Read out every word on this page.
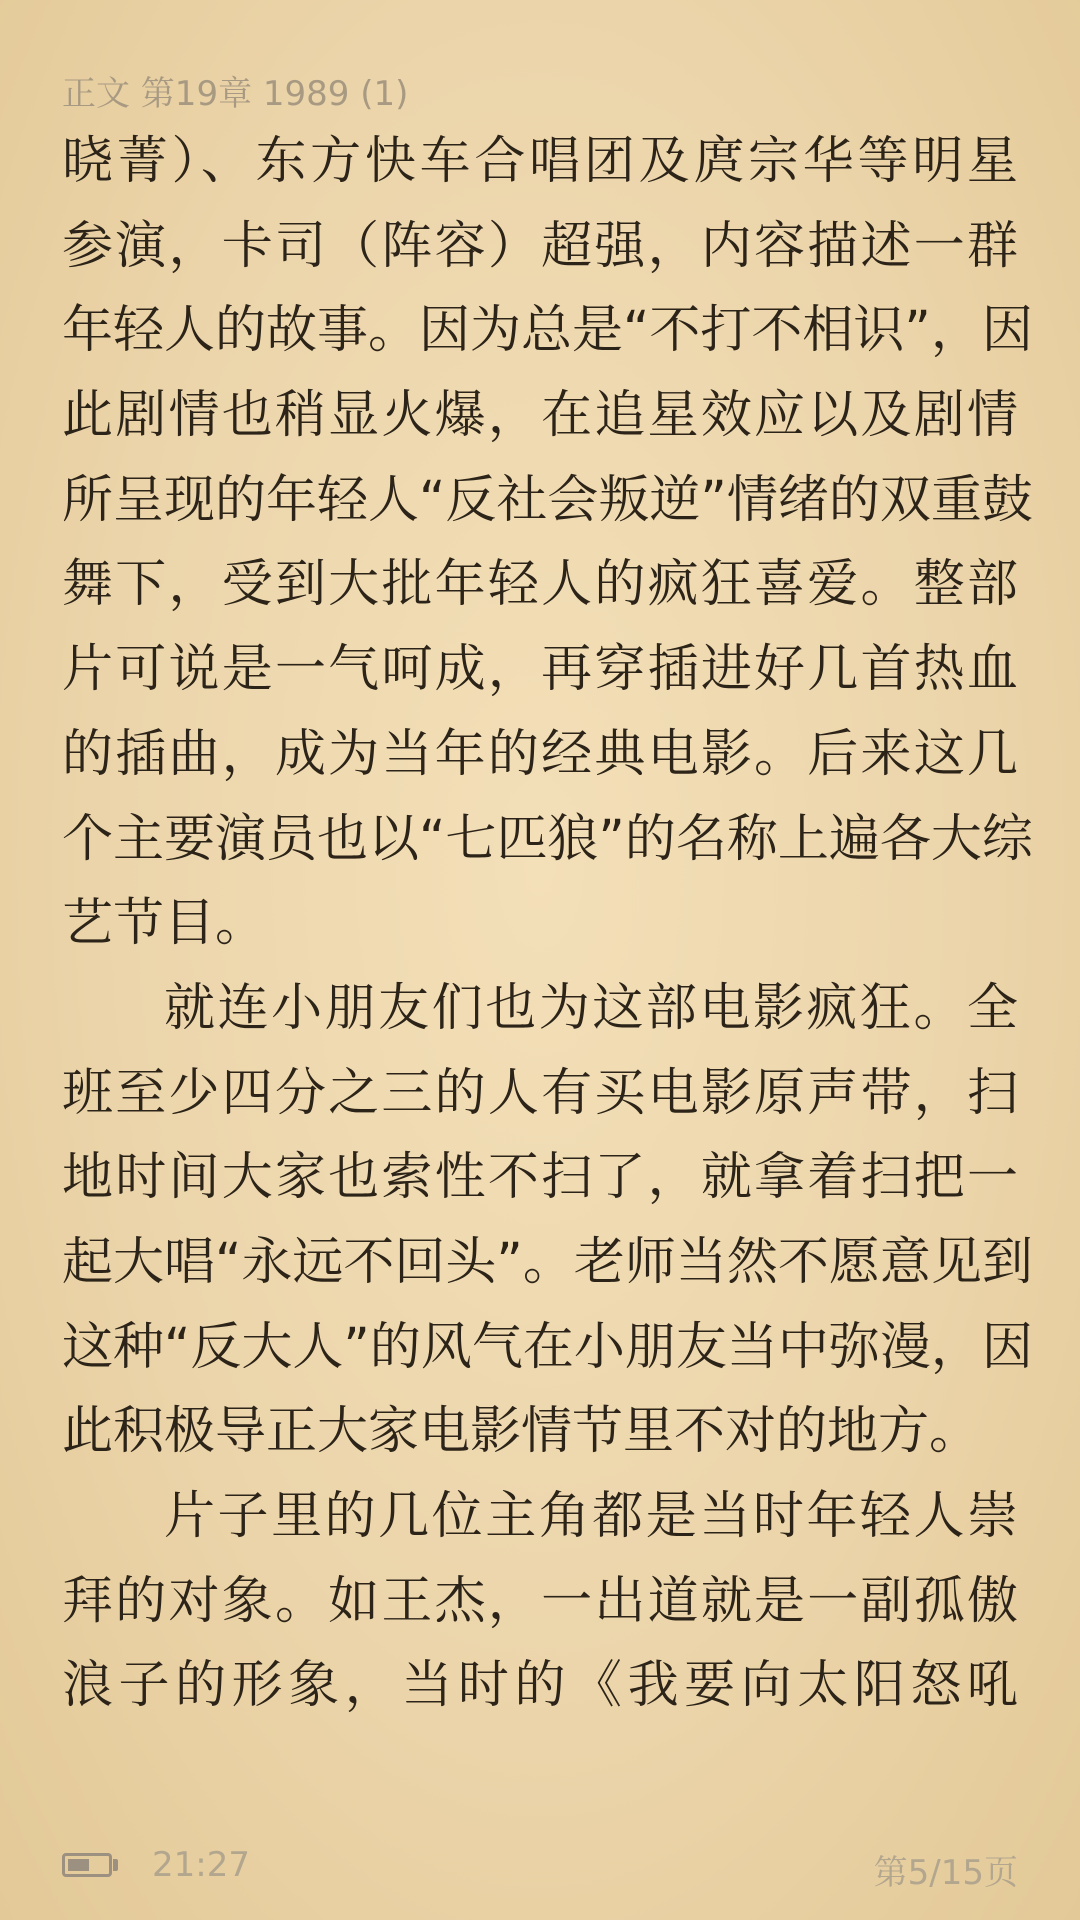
正文 第19章 1989 (1)
晓菁）、东方快车合唱团及庹宗华等明星
参演，卡司（阵容）超强，内容描述一群
年轻人的故事。因为总是“不打不相识”，因
此剧情也稍显火爆，在追星效应以及剧情
所呈现的年轻人“反社会叛逆”情绪的双重鼓
舞下，受到大批年轻人的疯狂喜爱。整部
片可说是一气呵成，再穿插进好几首热血
的插曲，成为当年的经典电影。后来这几
个主要演员也以“七匹狼”的名称上遍各大综
艺节目。
就连小朋友们也为这部电影疯狂。全
班至少四分之三的人有买电影原声带，扫
地时间大家也索性不扫了，就拿着扫把一
起大唱“永远不回头”。老师当然不愿意见到
这种“反大人”的风气在小朋友当中弥漫，因
此积极导正大家电影情节里不对的地方。
片子里的几位主角都是当时年轻人崇
拜的对象。如王杰，一出道就是一副孤傲
浪子的形象，当时的《我要向太阳怒吼
21:27	第5/15页
